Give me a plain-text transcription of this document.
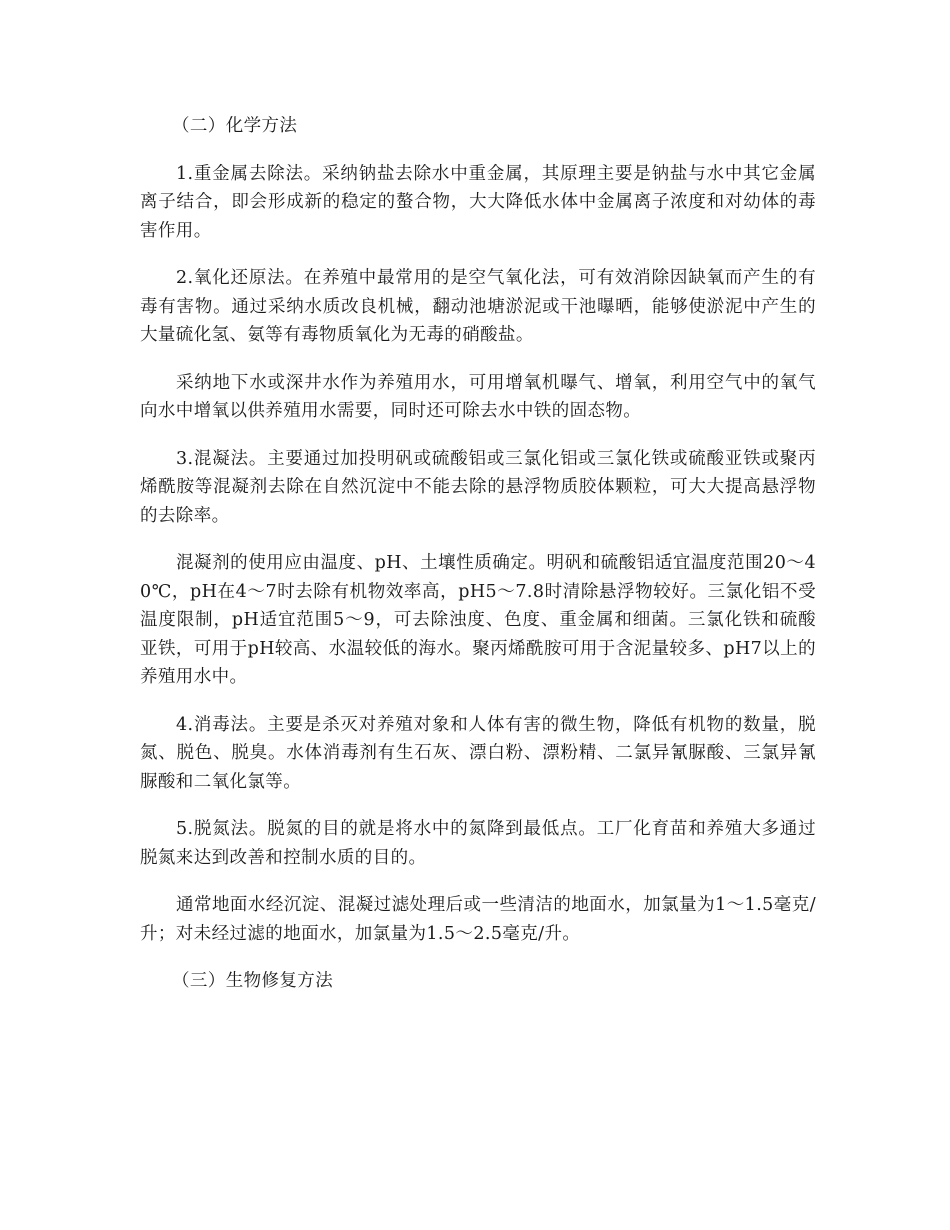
（二）化学方法

1.重金属去除法。采纳钠盐去除水中重金属，其原理主要是钠盐与水中其它金属离子结合，即会形成新的稳定的螯合物，大大降低水体中金属离子浓度和对幼体的毒害作用。

2.氧化还原法。在养殖中最常用的是空气氧化法，可有效消除因缺氧而产生的有毒有害物。通过采纳水质改良机械，翻动池塘淤泥或干池曝晒，能够使淤泥中产生的大量硫化氢、氨等有毒物质氧化为无毒的硝酸盐。

采纳地下水或深井水作为养殖用水，可用增氧机曝气、增氧，利用空气中的氧气向水中增氧以供养殖用水需要，同时还可除去水中铁的固态物。

3.混凝法。主要通过加投明矾或硫酸铝或三氯化铝或三氯化铁或硫酸亚铁或聚丙烯酰胺等混凝剂去除在自然沉淀中不能去除的悬浮物质胶体颗粒，可大大提高悬浮物的去除率。

混凝剂的使用应由温度、pH、土壤性质确定。明矾和硫酸铝适宜温度范围20～40℃，pH在4～7时去除有机物效率高，pH5～7.8时清除悬浮物较好。三氯化铝不受温度限制，pH适宜范围5～9，可去除浊度、色度、重金属和细菌。三氯化铁和硫酸亚铁，可用于pH较高、水温较低的海水。聚丙烯酰胺可用于含泥量较多、pH7以上的养殖用水中。

4.消毒法。主要是杀灭对养殖对象和人体有害的微生物，降低有机物的数量，脱氮、脱色、脱臭。水体消毒剂有生石灰、漂白粉、漂粉精、二氯异氰脲酸、三氯异氰脲酸和二氧化氯等。

5.脱氮法。脱氮的目的就是将水中的氮降到最低点。工厂化育苗和养殖大多通过脱氮来达到改善和控制水质的目的。

通常地面水经沉淀、混凝过滤处理后或一些清洁的地面水，加氯量为1～1.5毫克/升；对未经过滤的地面水，加氯量为1.5～2.5毫克/升。

（三）生物修复方法
